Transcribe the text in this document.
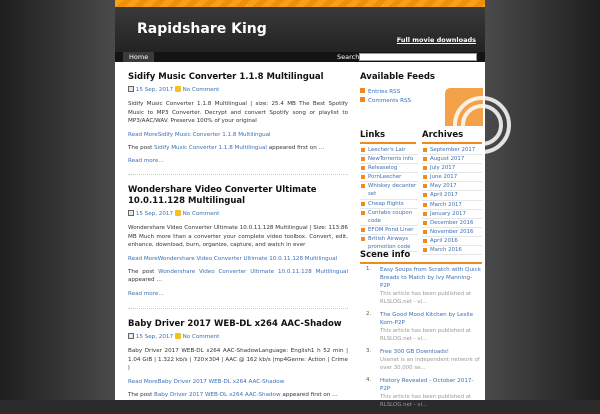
Rapidshare King
Full movie downloads
Home	Search
Sidify Music Converter 1.1.8 Multilingual
15 Sep, 2017 No Comment
Sidify Music Converter 1.1.8 Multilingual | size: 25.4 MB The Best Spotify Music to MP3 Converter. Decrypt and convert Spotify song or playlist to MP3/AAC/WAV. Preserve 100% of your original
Read MoreSidify Music Converter 1.1.8 Multilingual
The post Sidify Music Converter 1.1.8 Multilingual appeared first on …
Read more...
Wondershare Video Converter Ultimate 10.0.11.128 Multilingual
15 Sep, 2017 No Comment
Wondershare Video Converter Ultimate 10.0.11.128 Multilingual | Size: 113.86 MB Much more than a converter your complete video toolbox. Convert, edit, enhance, download, burn, organize, capture, and watch in ever
Read MoreWondershare Video Converter Ultimate 10.0.11.128 Multilingual
The post Wondershare Video Converter Ultimate 10.0.11.128 Multilingual appeared …
Read more...
Baby Driver 2017 WEB-DL x264 AAC-Shadow
15 Sep, 2017 No Comment
Baby Driver 2017 WEB-DL x264 AAC-ShadowLanguage: English1 h 52 min | 1.04 GiB | 1.322 kb/s | 720×304 | AAC @ 162 kb/s |mp4Genre: Action | Crime |
Read MoreBaby Driver 2017 WEB-DL x264 AAC-Shadow
The post Baby Driver 2017 WEB-DL x264 AAC-Shadow appeared first on …
Available Feeds
Entries RSS
Comments RSS
Links	Archives
Leecher's Lair
NewTorrents info
Releaselog
PornLeecher
Whiskey decanter set
Cheap flights
Contabo coupon code
EFOM Pond Liner
British Airways promotion code
September 2017
August 2017
July 2017
June 2017
May 2017
April 2017
March 2017
January 2017
December 2016
November 2016
April 2016
March 2016
Scene info
1. Easy Soups from Scratch with Quick Breads to Match by Ivy Manning-P2P
This article has been published at RLSLOG.net - vi...
2. The Good Mood Kitchen by Leslie Korn-P2P
This article has been published at RLSLOG.net - vi...
3. Free 300 GB Downloads!
Usenet is an independent network of over 30,000 se...
4. History Revealed - October 2017-P2P
This article has been published at RLSLOG.net - vi...
